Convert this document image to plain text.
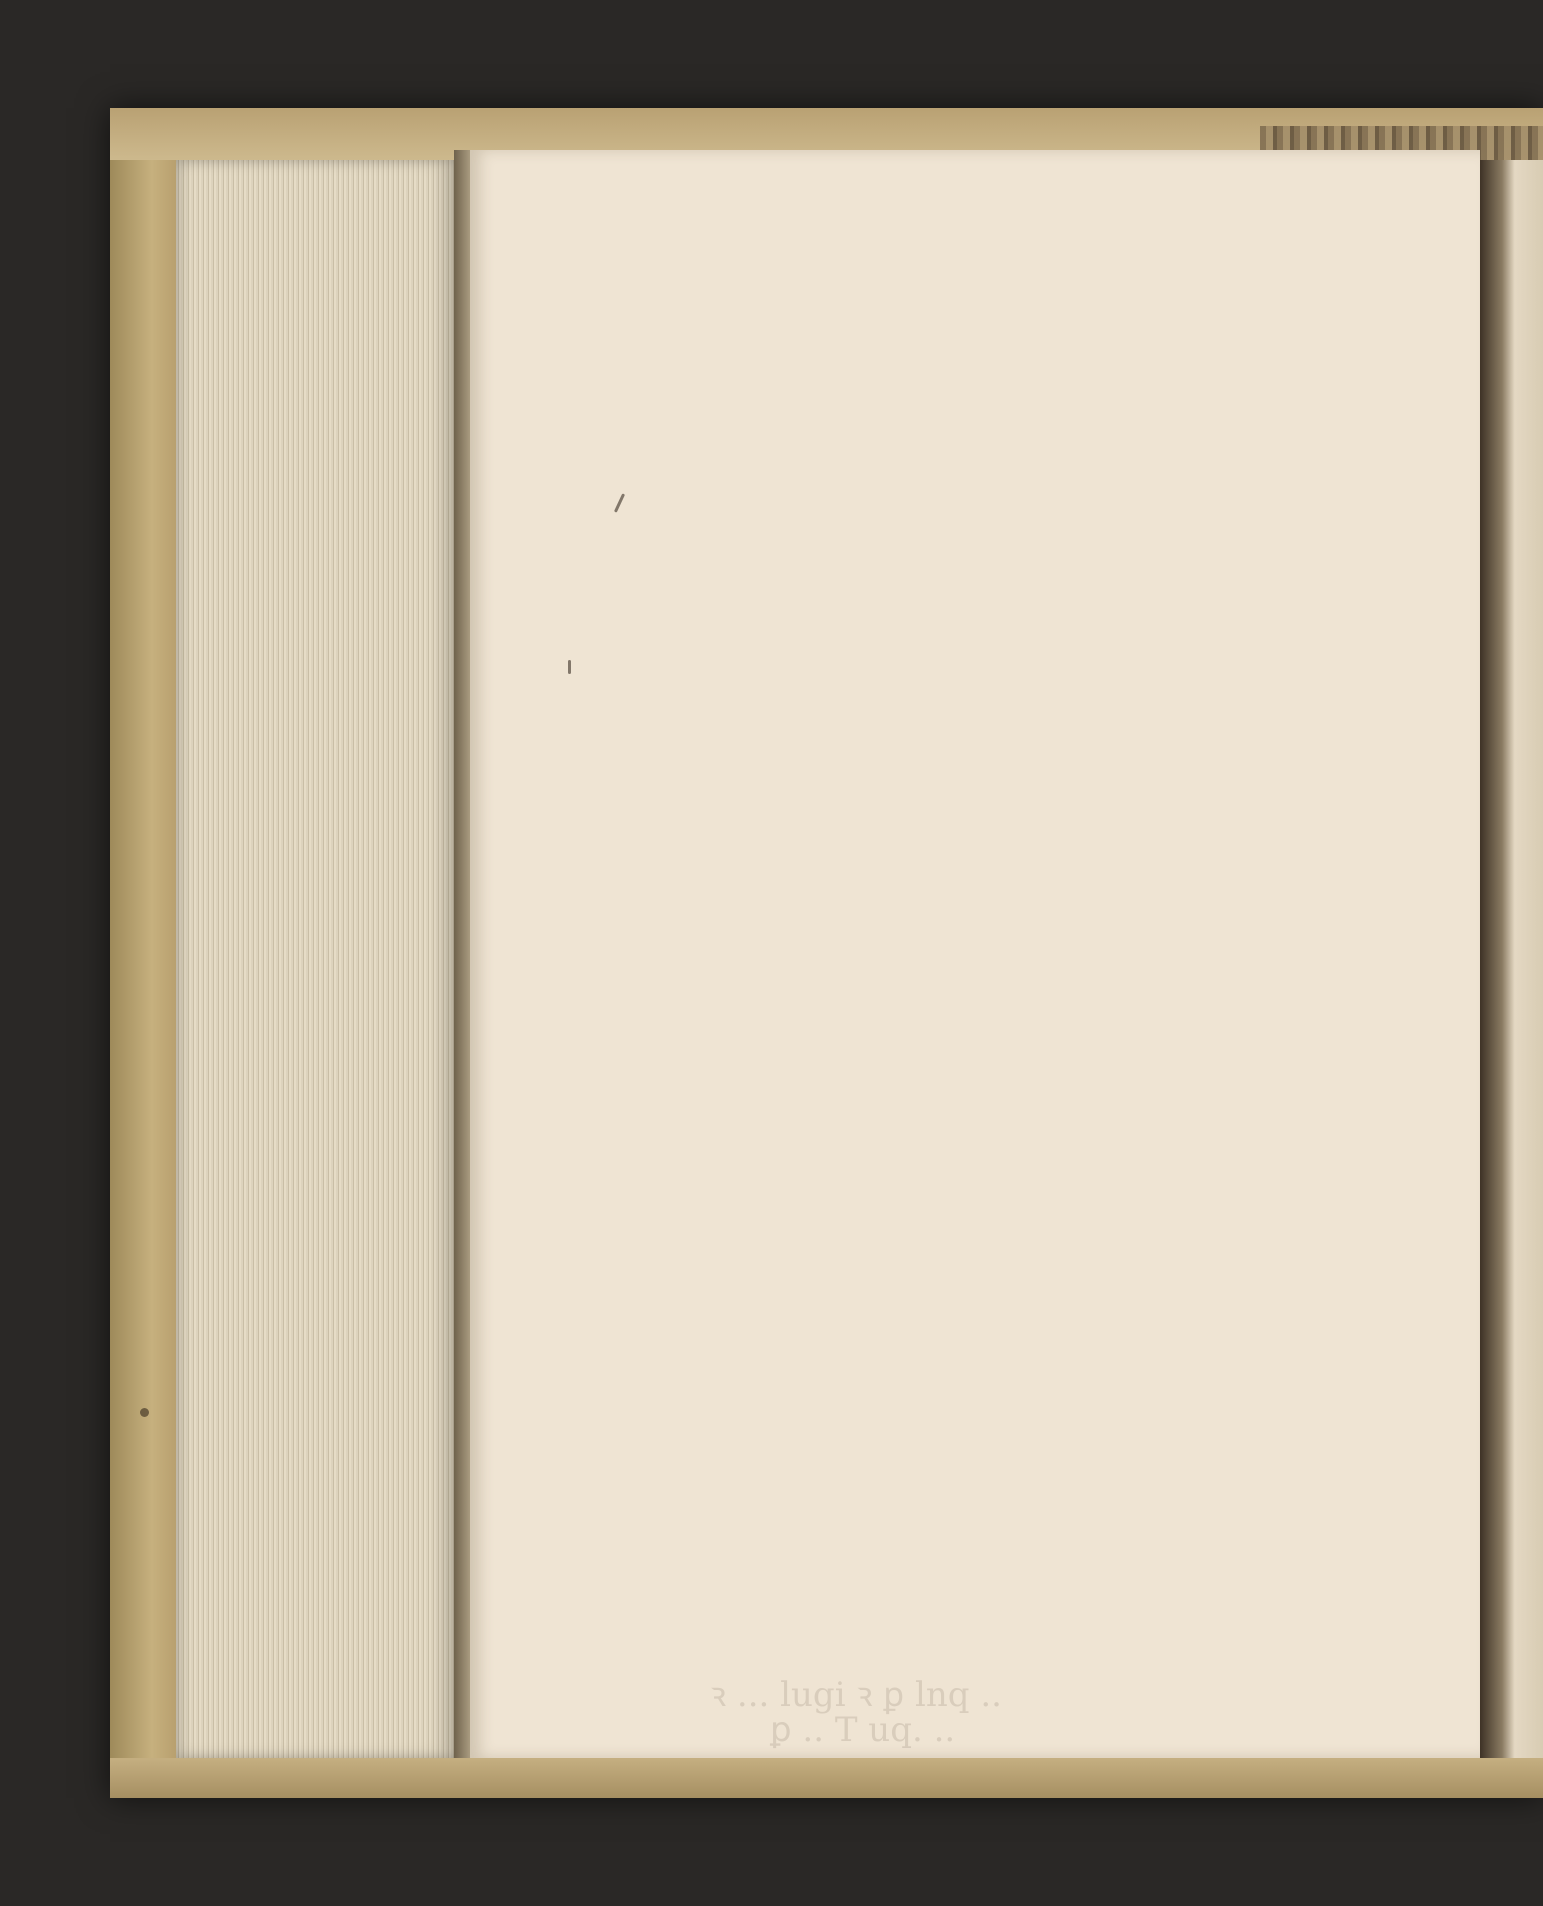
ꝛ ... lugi ꝛ ꝑ lnq ..
ꝑ .. T uq. ..
